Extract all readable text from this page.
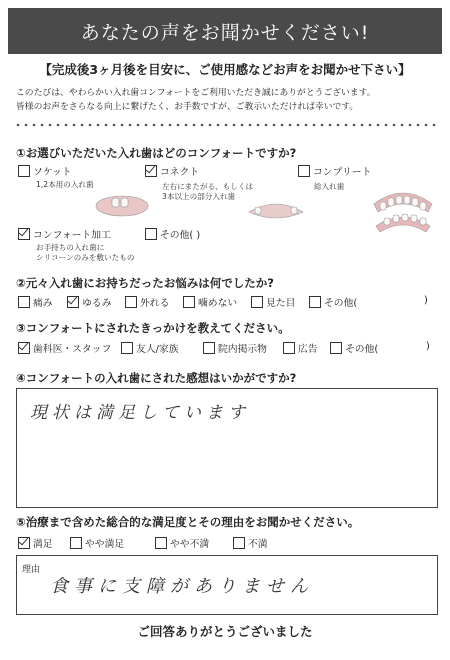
あなたの声をお聞かせください!
【完成後3ヶ月後を目安に、ご使用感などお声をお聞かせ下さい】
このたびは、やわらかい入れ歯コンフォートをご利用いただき誠にありがとうございます。
皆様のお声をさらなる向上に繋げたく、お手数ですが、ご教示いただければ幸いです。
①お選びいただいた入れ歯はどのコンフォートですか?
ソケット
1,2本用の入れ歯
コネクト
左右にまたがる、もしくは
3本以上の部分入れ歯
コンプリート
総入れ歯
コンフォート加工
お手持ちの入れ歯に
シリコーンのみを敷いたもの
その他( )
②元々入れ歯にお持ちだったお悩みは何でしたか?
痛み	ゆるみ	外れる	噛めない	見た目	その他(	)
③コンフォートにされたきっかけを教えてください。
歯科医・スタッフ	友人/家族	院内掲示物	広告	その他(	)
④コンフォートの入れ歯にされた感想はいかがですか?
現状は満足しています
⑤治療まで含めた総合的な満足度とその理由をお聞かせください。
満足	やや満足	やや不満	不満
理由
食事に支障がありません
ご回答ありがとうございました
